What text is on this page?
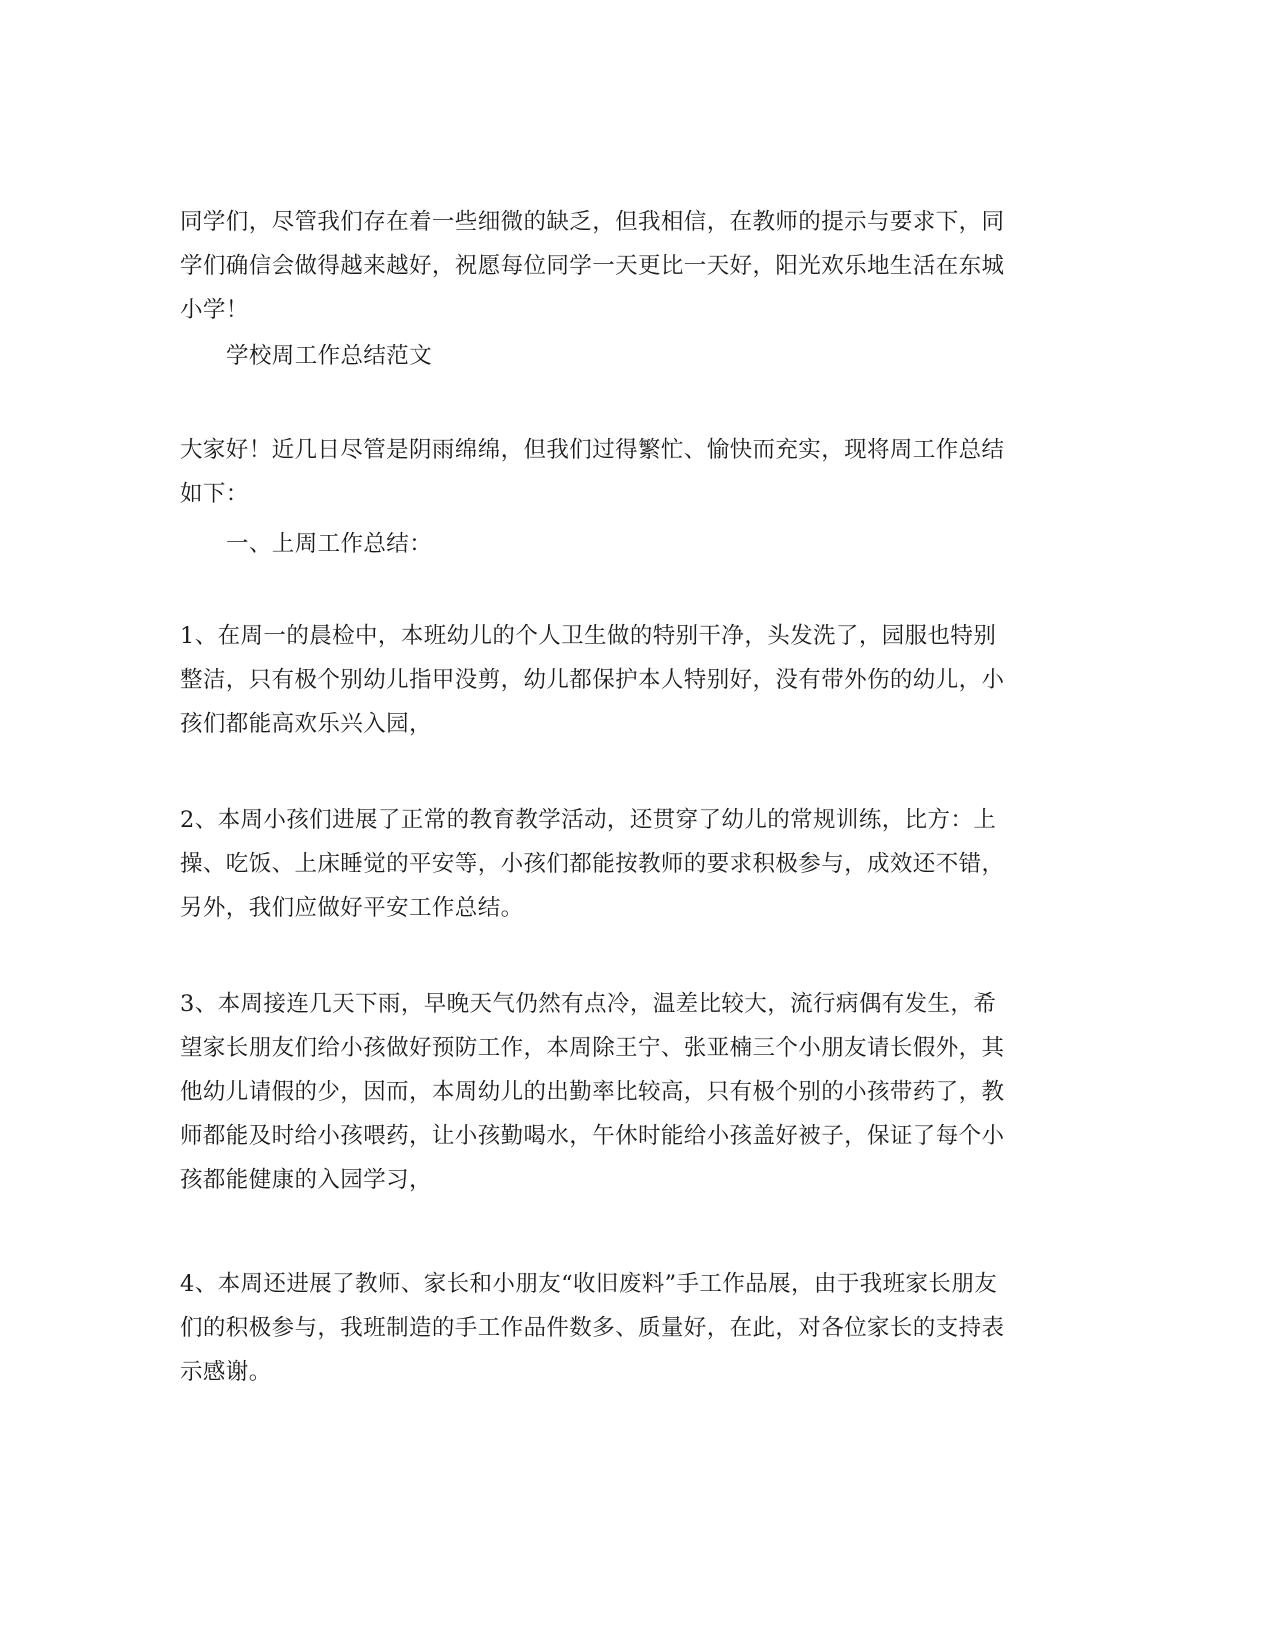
同学们，尽管我们存在着一些细微的缺乏，但我相信，在教师的提示与要求下，同
学们确信会做得越来越好，祝愿每位同学一天更比一天好，阳光欢乐地生活在东城
小学！
学校周工作总结范文
大家好！近几日尽管是阴雨绵绵，但我们过得繁忙、愉快而充实，现将周工作总结
如下：
一、上周工作总结：
1、在周一的晨检中，本班幼儿的个人卫生做的特别干净，头发洗了，园服也特别
整洁，只有极个别幼儿指甲没剪，幼儿都保护本人特别好，没有带外伤的幼儿，小
孩们都能高欢乐兴入园，
2、本周小孩们进展了正常的教育教学活动，还贯穿了幼儿的常规训练，比方：上
操、吃饭、上床睡觉的平安等，小孩们都能按教师的要求积极参与，成效还不错，
另外，我们应做好平安工作总结。
3、本周接连几天下雨，早晚天气仍然有点冷，温差比较大，流行病偶有发生，希
望家长朋友们给小孩做好预防工作，本周除王宁、张亚楠三个小朋友请长假外，其
他幼儿请假的少，因而，本周幼儿的出勤率比较高，只有极个别的小孩带药了，教
师都能及时给小孩喂药，让小孩勤喝水，午休时能给小孩盖好被子，保证了每个小
孩都能健康的入园学习，
4、本周还进展了教师、家长和小朋友“收旧废料”手工作品展，由于我班家长朋友
们的积极参与，我班制造的手工作品件数多、质量好，在此，对各位家长的支持表
示感谢。
